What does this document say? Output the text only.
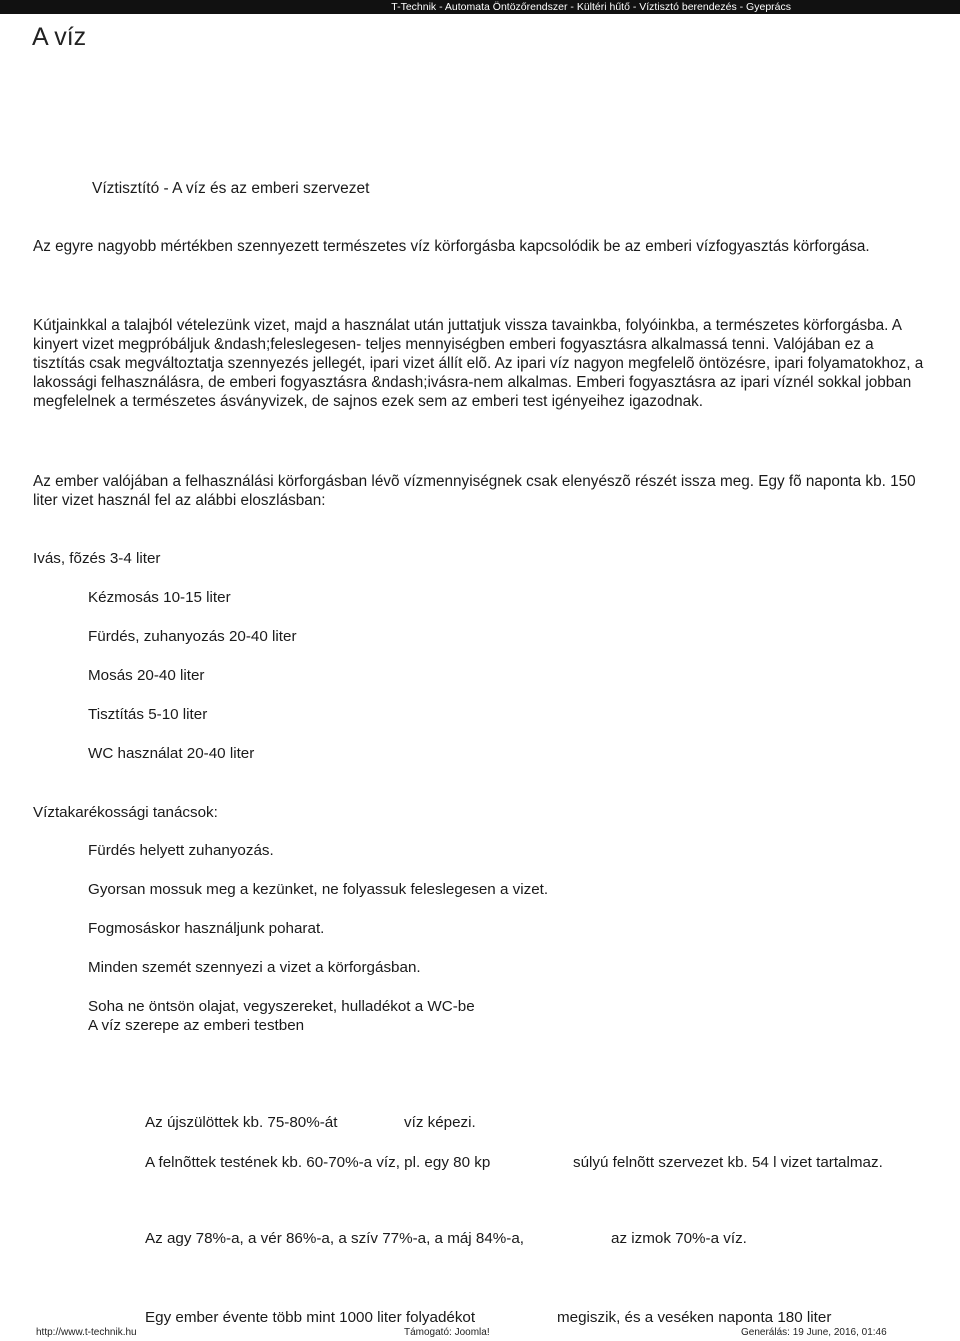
T-Technik - Automata Öntözőrendszer - Kültéri hűtő - Víztisztó berendezés - Gyeprács
A víz
Víztisztító - A víz és az emberi szervezet

Az egyre nagyobb mértékben szennyezett természetes víz körforgásba kapcsolódik be az emberi vízfogyasztás körforgása.

Kútjainkkal a talajból vételezünk vizet, majd a használat után juttatjuk vissza tavainkba, folyóinkba, a természetes körforgásba. A kinyert vizet megpróbáljuk &ndash;feleslegesen- teljes mennyiségben emberi fogyasztásra alkalmassá tenni. Valójában ez a tisztítás csak megváltoztatja szennyezés jellegét, ipari vizet állít elõ. Az ipari víz nagyon megfelelõ öntözésre, ipari folyamatokhoz, a lakossági felhasználásra, de emberi fogyasztásra &ndash;ivásra-nem alkalmas. Emberi fogyasztásra az ipari víznél sokkal jobban megfelelnek a természetes ásványvizek, de sajnos ezek sem az emberi test igényeihez igazodnak.

Az ember valójában a felhasználási körforgásban lévõ vízmennyiségnek csak elenyészõ részét issza meg. Egy fõ naponta kb. 150 liter vizet használ fel az alábbi eloszlásban:

Ivás, fõzés 3-4 liter
Kézmosás 10-15 liter
Fürdés, zuhanyozás 20-40 liter
Mosás 20-40 liter
Tisztítás 5-10 liter
WC használat 20-40 liter
Víztakarékossági tanácsok:
Fürdés helyett zuhanyozás.
Gyorsan mossuk meg a kezünket, ne folyassuk feleslegesen a vizet.
Fogmosáskor használjunk poharat.
Minden szemét szennyezi a vizet a körforgásban.
Soha ne öntsön olajat, vegyszereket, hulladékot a WC-be
A víz szerepe az emberi testben
Az újszülöttek kb. 75-80%-át	víz képezi.
A felnõttek testének kb. 60-70%-a víz, pl. egy 80 kp	súlyú felnõtt szervezet kb. 54 l vizet tartalmaz.
Az agy 78%-a, a vér 86%-a, a szív 77%-a, a máj 84%-a,	az izmok 70%-a víz.
Egy ember évente több mint 1000 liter folyadékot	megiszik, és a veséken naponta 180 liter
http://www.t-technik.hu	Támogató: Joomla!	Generálás: 19 June, 2016, 01:46
